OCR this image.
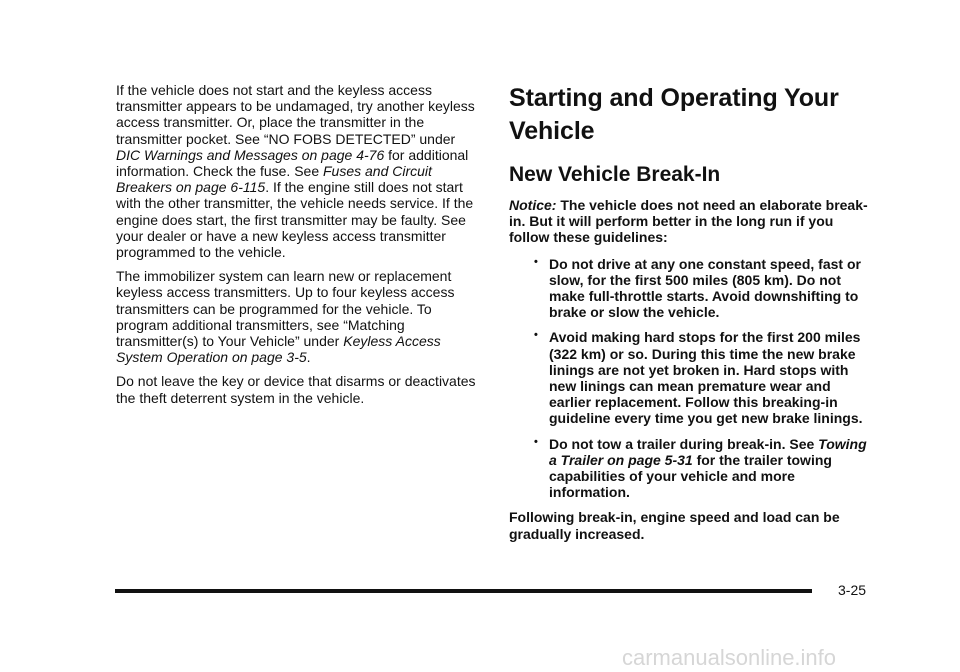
If the vehicle does not start and the keyless access transmitter appears to be undamaged, try another keyless access transmitter. Or, place the transmitter in the transmitter pocket. See “NO FOBS DETECTED” under DIC Warnings and Messages on page 4-76 for additional information. Check the fuse. See Fuses and Circuit Breakers on page 6-115. If the engine still does not start with the other transmitter, the vehicle needs service. If the engine does start, the first transmitter may be faulty. See your dealer or have a new keyless access transmitter programmed to the vehicle.

The immobilizer system can learn new or replacement keyless access transmitters. Up to four keyless access transmitters can be programmed for the vehicle. To program additional transmitters, see “Matching transmitter(s) to Your Vehicle” under Keyless Access System Operation on page 3-5.

Do not leave the key or device that disarms or deactivates the theft deterrent system in the vehicle.

Starting and Operating Your Vehicle
New Vehicle Break-In

Notice: The vehicle does not need an elaborate break-in. But it will perform better in the long run if you follow these guidelines:

• Do not drive at any one constant speed, fast or slow, for the first 500 miles (805 km). Do not make full-throttle starts. Avoid downshifting to brake or slow the vehicle.
• Avoid making hard stops for the first 200 miles (322 km) or so. During this time the new brake linings are not yet broken in. Hard stops with new linings can mean premature wear and earlier replacement. Follow this breaking-in guideline every time you get new brake linings.
• Do not tow a trailer during break-in. See Towing a Trailer on page 5-31 for the trailer towing capabilities of your vehicle and more information.

Following break-in, engine speed and load can be gradually increased.

3-25
carmanualsonline.info
